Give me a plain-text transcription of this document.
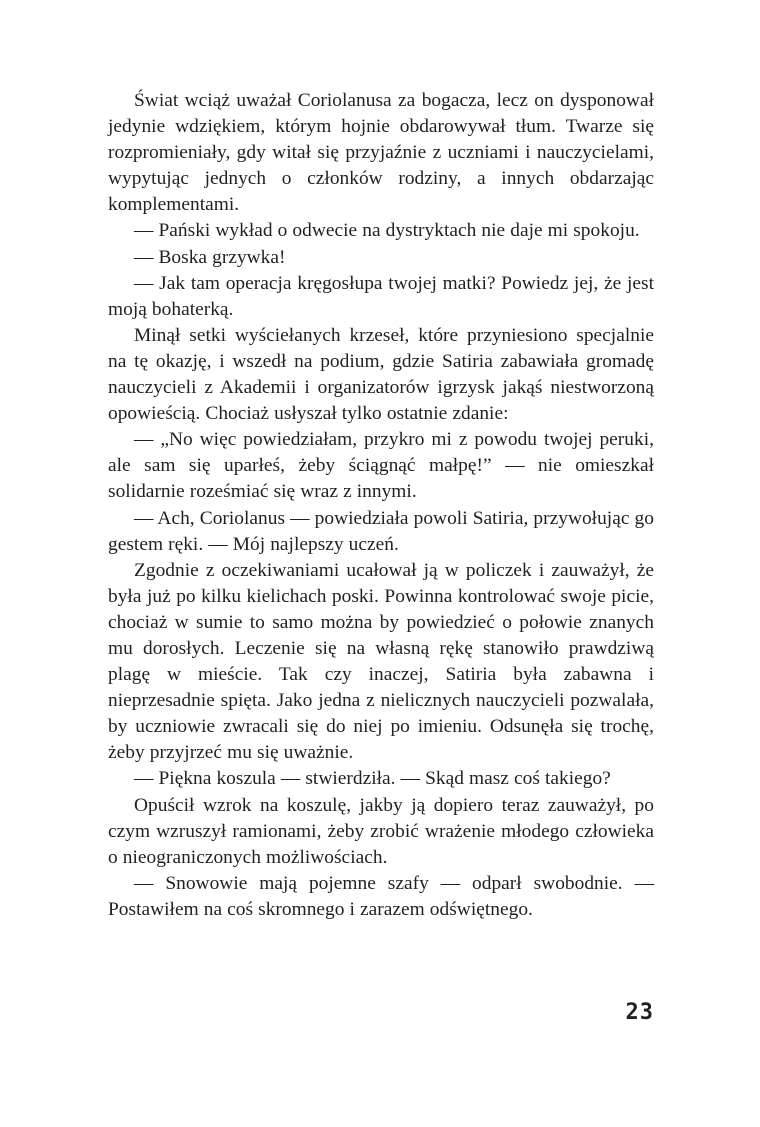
Świat wciąż uważał Coriolanusa za bogacza, lecz on dysponował jedynie wdziękiem, którym hojnie obdarowywał tłum. Twarze się rozpromieniały, gdy witał się przyjaźnie z uczniami i nauczycielami, wypytując jednych o członków rodziny, a innych obdarzając komplementami.

— Pański wykład o odwecie na dystryktach nie daje mi spokoju.

— Boska grzywka!

— Jak tam operacja kręgosłupa twojej matki? Powiedz jej, że jest moją bohaterką.

Minął setki wyściełanych krzeseł, które przyniesiono specjalnie na tę okazję, i wszedł na podium, gdzie Satiria zabawiała gromadę nauczycieli z Akademii i organizatorów igrzysk jakąś niestworzoną opowieścią. Chociaż usłyszał tylko ostatnie zdanie:

— „No więc powiedziałam, przykro mi z powodu twojej peruki, ale sam się uparłeś, żeby ściągnąć małpę!” — nie omieszkał solidarnie roześmiać się wraz z innymi.

— Ach, Coriolanus — powiedziała powoli Satiria, przywołując go gestem ręki. — Mój najlepszy uczeń.

Zgodnie z oczekiwaniami ucałował ją w policzek i zauważył, że była już po kilku kielichach poski. Powinna kontrolować swoje picie, chociaż w sumie to samo można by powiedzieć o połowie znanych mu dorosłych. Leczenie się na własną rękę stanowiło prawdziwą plagę w mieście. Tak czy inaczej, Satiria była zabawna i nieprzesadnie spięta. Jako jedna z nielicznych nauczycieli pozwalała, by uczniowie zwracali się do niej po imieniu. Odsunęła się trochę, żeby przyjrzeć mu się uważnie.

— Piękna koszula — stwierdziła. — Skąd masz coś takiego?

Opuścił wzrok na koszulę, jakby ją dopiero teraz zauważył, po czym wzruszył ramionami, żeby zrobić wrażenie młodego człowieka o nieograniczonych możliwościach.

— Snowowie mają pojemne szafy — odparł swobodnie. — Postawiłem na coś skromnego i zarazem odświętnego.

23
